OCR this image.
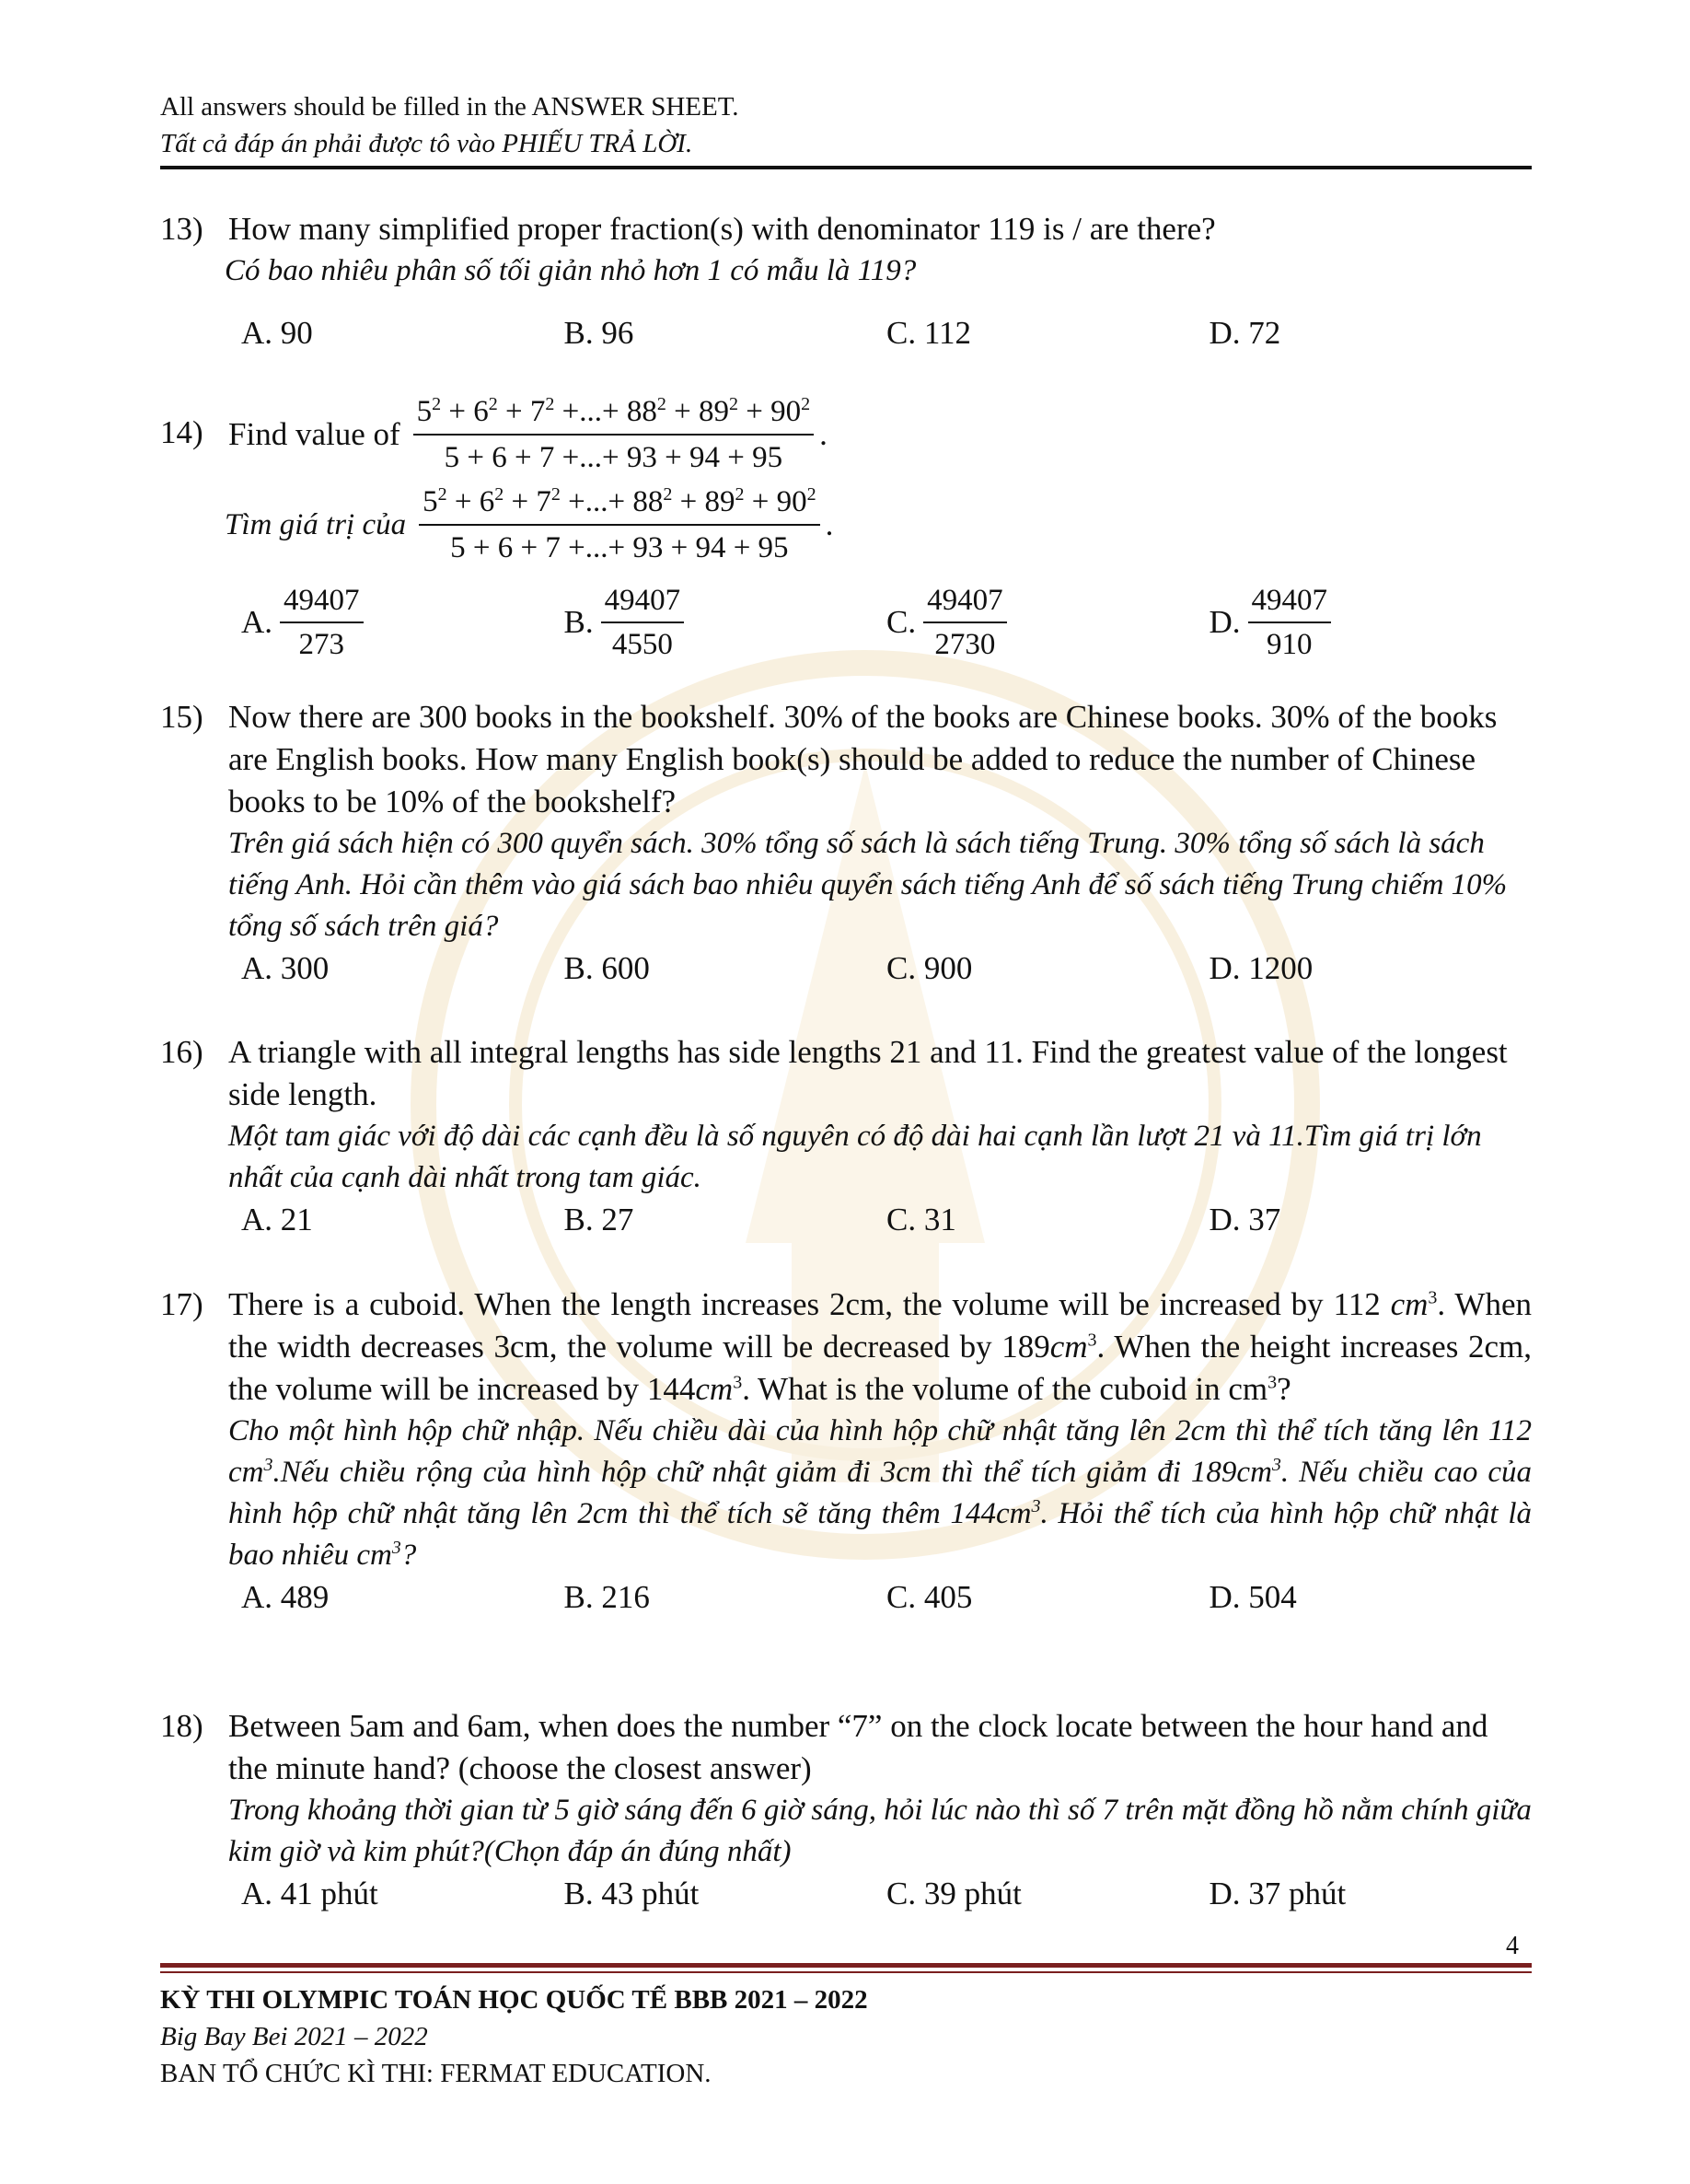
All answers should be filled in the ANSWER SHEET.
Tất cả đáp án phải được tô vào PHIẾU TRẢ LỜI.
13) How many simplified proper fraction(s) with denominator 119 is / are there?
Có bao nhiêu phân số tối giản nhỏ hơn 1 có mẫu là 119?
A. 90	B. 96	C. 112	D. 72
14) Find value of $\frac{5^2 + 6^2 + 7^2 +...+ 88^2 + 89^2 + 90^2}{5 + 6 + 7 +...+ 93 + 94 + 95}$ .
Tìm giá trị của $\frac{5^2 + 6^2 + 7^2 +...+ 88^2 + 89^2 + 90^2}{5 + 6 + 7 +...+ 93 + 94 + 95}$ .
A. $\frac{49407}{273}$	B. $\frac{49407}{4550}$	C. $\frac{49407}{2730}$	D. $\frac{49407}{910}$
15) Now there are 300 books in the bookshelf. 30% of the books are Chinese books. 30% of the books are English books. How many English book(s) should be added to reduce the number of Chinese books to be 10% of the bookshelf?
Trên giá sách hiện có 300 quyển sách. 30% tổng số sách là sách tiếng Trung. 30% tổng số sách là sách tiếng Anh. Hỏi cần thêm vào giá sách bao nhiêu quyển sách tiếng Anh để số sách tiếng Trung chiếm 10% tổng số sách trên giá?
A. 300	B. 600	C. 900	D. 1200
16) A triangle with all integral lengths has side lengths 21 and 11. Find the greatest value of the longest side length.
Một tam giác với độ dài các cạnh đều là số nguyên có độ dài hai cạnh lần lượt 21 và 11.Tìm giá trị lớn nhất của cạnh dài nhất trong tam giác.
A. 21	B. 27	C. 31	D. 37
17) There is a cuboid. When the length increases 2cm, the volume will be increased by 112 $cm^3$. When the width decreases 3cm, the volume will be decreased by $189cm^3$. When the height increases 2cm, the volume will be increased by $144cm^3$. What is the volume of the cuboid in $cm^3$?
Cho một hình hộp chữ nhập. Nếu chiều dài của hình hộp chữ nhật tăng lên 2cm thì thể tích tăng lên 112 $cm^3.Nếu$ chiều rộng của hình hộp chữ nhật giảm đi 3cm thì thể tích giảm đi $189cm^3$. Nếu chiều cao của hình hộp chữ nhật tăng lên 2cm thì thể tích sẽ tăng thêm $144cm^3$. Hỏi thể tích của hình hộp chữ nhật là bao nhiêu $cm^3$?
A. 489	B. 216	C. 405	D. 504
18) Between 5am and 6am, when does the number “7” on the clock locate between the hour hand and the minute hand? (choose the closest answer)
Trong khoảng thời gian từ 5 giờ sáng đến 6 giờ sáng, hỏi lúc nào thì số 7 trên mặt đồng hồ nằm chính giữa kim giờ và kim phút?(Chọn đáp án đúng nhất)
A. 41 phút	B. 43 phút	C. 39 phút	D. 37 phút
4
KỲ THI OLYMPIC TOÁN HỌC QUỐC TẾ BBB 2021 – 2022
Big Bay Bei 2021 – 2022
BAN TỔ CHỨC KÌ THI: FERMAT EDUCATION.
